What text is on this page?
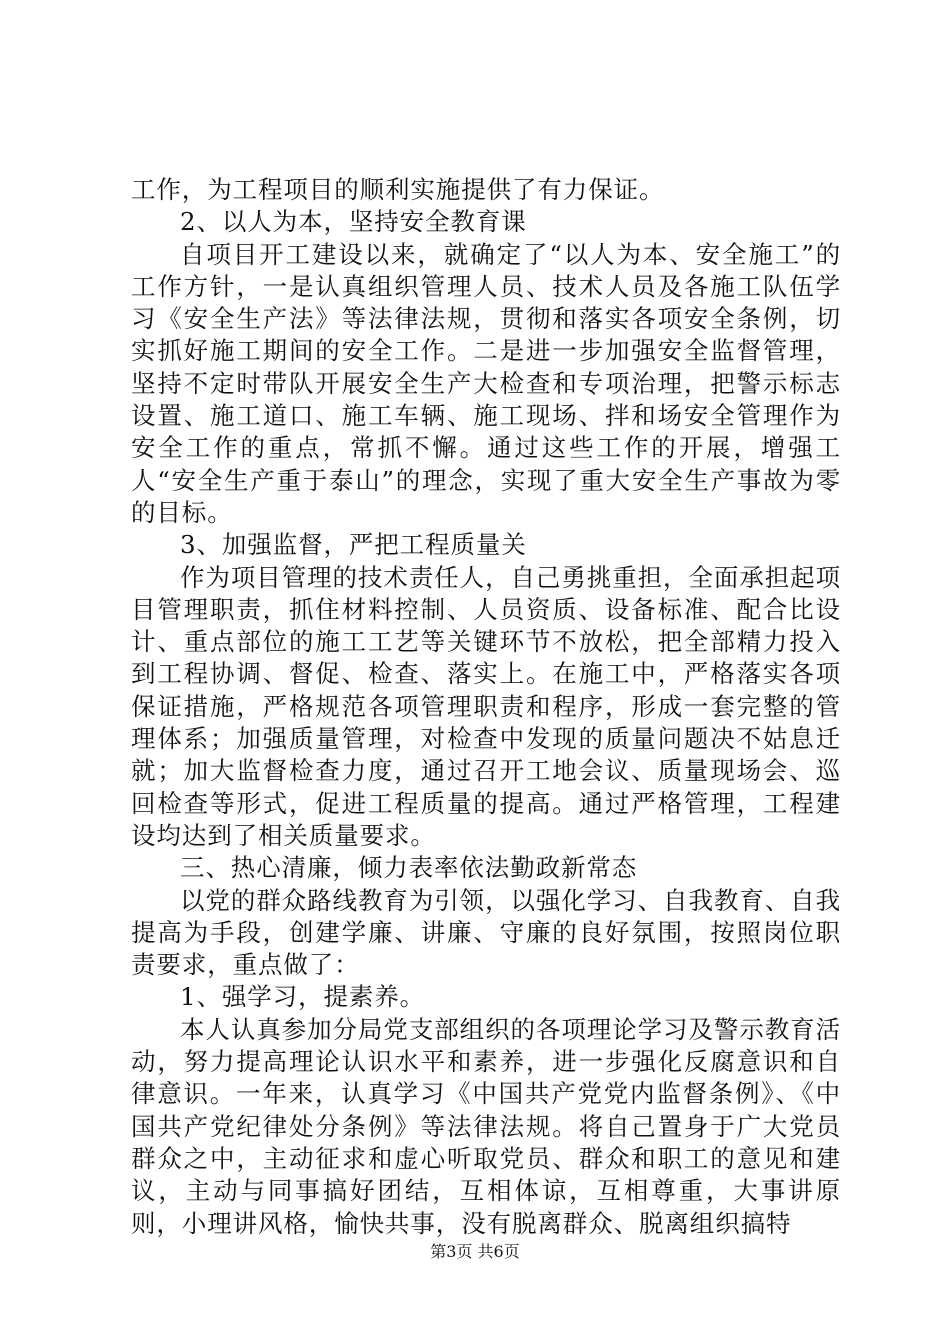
工作，为工程项目的顺利实施提供了有力保证。

2、以人为本，坚持安全教育课

自项目开工建设以来，就确定了“以人为本、安全施工”的工作方针，一是认真组织管理人员、技术人员及各施工队伍学习《安全生产法》等法律法规，贯彻和落实各项安全条例，切实抓好施工期间的安全工作。二是进一步加强安全监督管理，坚持不定时带队开展安全生产大检查和专项治理，把警示标志设置、施工道口、施工车辆、施工现场、拌和场安全管理作为安全工作的重点，常抓不懈。通过这些工作的开展，增强工人“安全生产重于泰山”的理念，实现了重大安全生产事故为零的目标。

3、加强监督，严把工程质量关

作为项目管理的技术责任人，自己勇挑重担，全面承担起项目管理职责，抓住材料控制、人员资质、设备标准、配合比设计、重点部位的施工工艺等关键环节不放松，把全部精力投入到工程协调、督促、检查、落实上。在施工中，严格落实各项保证措施，严格规范各项管理职责和程序，形成一套完整的管理体系；加强质量管理，对检查中发现的质量问题决不姑息迁就；加大监督检查力度，通过召开工地会议、质量现场会、巡回检查等形式，促进工程质量的提高。通过严格管理，工程建设均达到了相关质量要求。

三、热心清廉，倾力表率依法勤政新常态

以党的群众路线教育为引领，以强化学习、自我教育、自我提高为手段，创建学廉、讲廉、守廉的良好氛围，按照岗位职责要求，重点做了：

1、强学习，提素养。

本人认真参加分局党支部组织的各项理论学习及警示教育活动，努力提高理论认识水平和素养，进一步强化反腐意识和自律意识。一年来，认真学习《中国共产党党内监督条例》、《中国共产党纪律处分条例》等法律法规。将自己置身于广大党员群众之中，主动征求和虚心听取党员、群众和职工的意见和建议，主动与同事搞好团结，互相体谅，互相尊重，大事讲原则，小理讲风格，愉快共事，没有脱离群众、脱离组织搞特

第3页 共6页
